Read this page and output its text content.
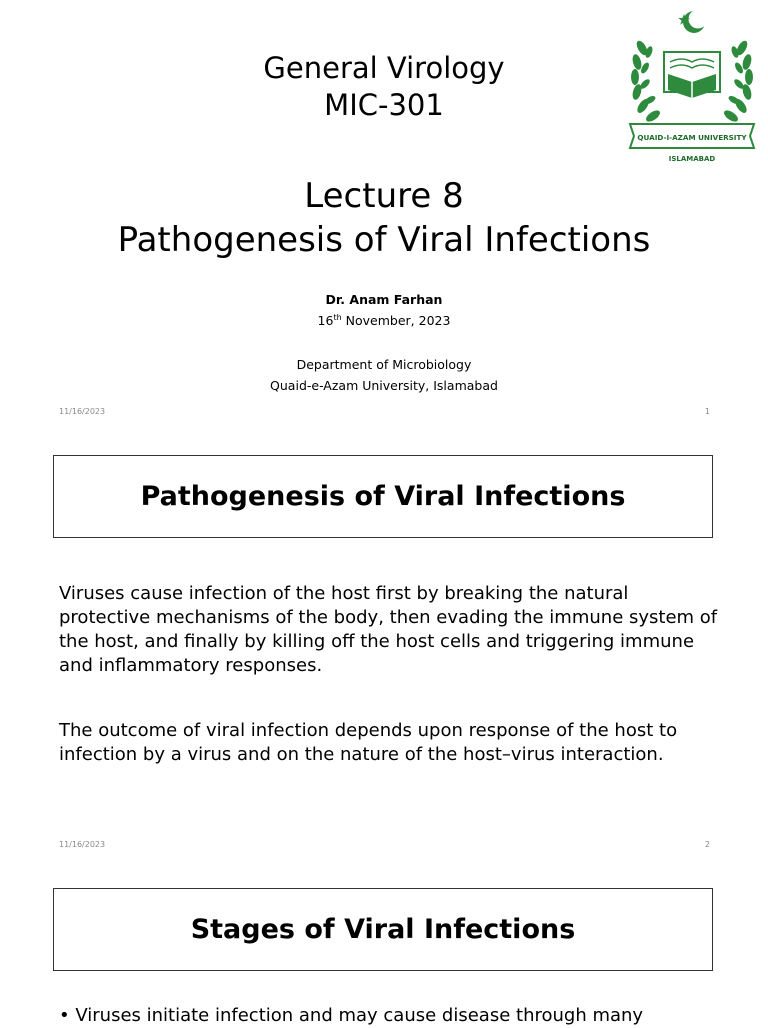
General Virology
MIC-301
Lecture 8
Pathogenesis of Viral Infections
Dr. Anam Farhan
16th November, 2023
Department of Microbiology
Quaid-e-Azam University, Islamabad
11/16/2023	1
QUAID-I-AZAM UNIVERSITY
ISLAMABAD
Pathogenesis of Viral Infections
Viruses cause infection of the host first by breaking the natural protective mechanisms of the body, then evading the immune system of the host, and finally by killing off the host cells and triggering immune and inflammatory responses.
The outcome of viral infection depends upon response of the host to infection by a virus and on the nature of the host–virus interaction.
11/16/2023	2
Stages of Viral Infections
• Viruses initiate infection and may cause disease through many
